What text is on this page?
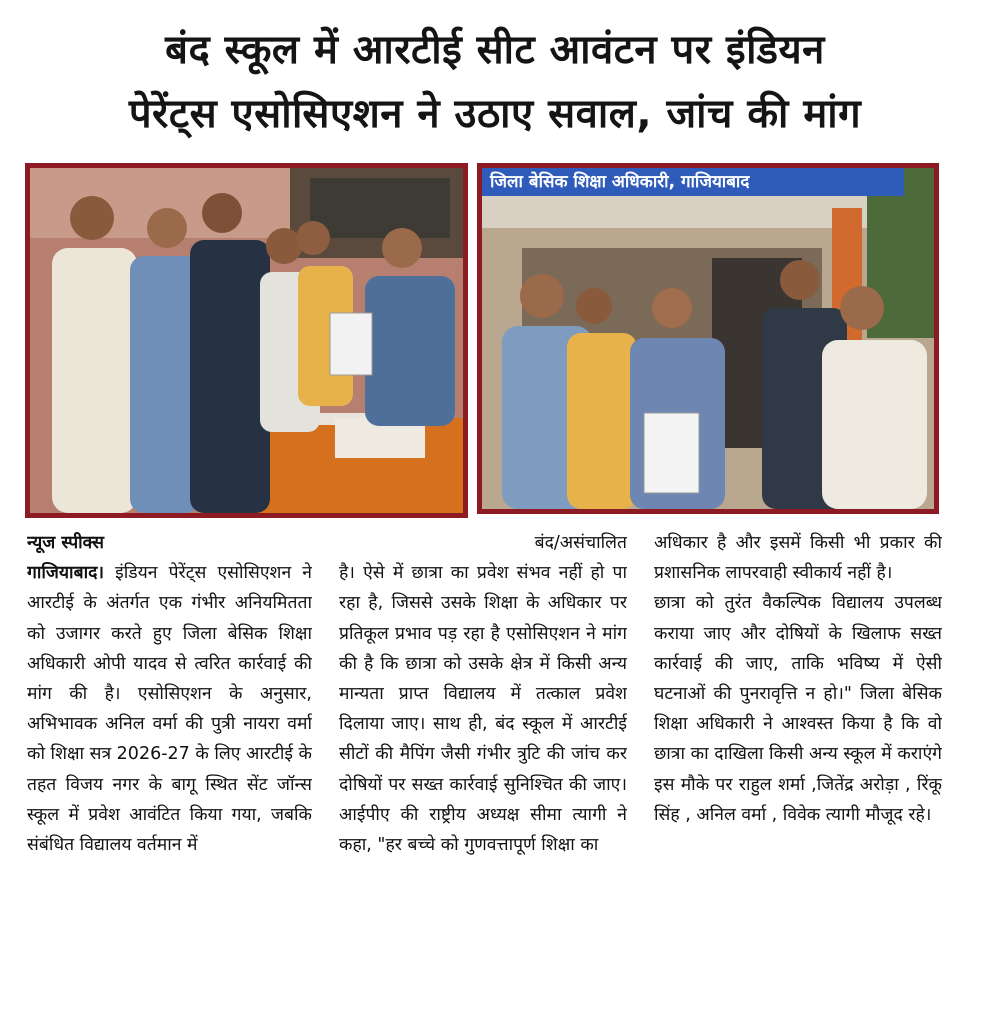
बंद स्कूल में आरटीई सीट आवंटन पर इंडियन
पेरेंट्स एसोसिएशन ने उठाए सवाल, जांच की मांग
जिला बेसिक शिक्षा अधिकारी, गाजियाबाद
न्यूज स्पीक्स

गाजियाबाद। इंडियन पेरेंट्स एसोसिएशन ने आरटीई के अंतर्गत एक गंभीर अनियमितता को उजागर करते हुए जिला बेसिक शिक्षा अधिकारी ओपी यादव से त्वरित कार्रवाई की मांग की है। एसोसिएशन के अनुसार, अभिभावक अनिल वर्मा की पुत्री नायरा वर्मा को शिक्षा सत्र 2026-27 के लिए आरटीई के तहत विजय नगर के बागू स्थित सेंट जॉन्स स्कूल में प्रवेश आवंटित किया गया, जबकि संबंधित विद्यालय वर्तमान में

बंद/असंचालित

है। ऐसे में छात्रा का प्रवेश संभव नहीं हो पा रहा है, जिससे उसके शिक्षा के अधिकार पर प्रतिकूल प्रभाव पड़ रहा है एसोसिएशन ने मांग की है कि छात्रा को उसके क्षेत्र में किसी अन्य मान्यता प्राप्त विद्यालय में तत्काल प्रवेश दिलाया जाए। साथ ही, बंद स्कूल में आरटीई सीटों की मैपिंग जैसी गंभीर त्रुटि की जांच कर दोषियों पर सख्त कार्रवाई सुनिश्चित की जाए। आईपीए की राष्ट्रीय अध्यक्ष सीमा त्यागी ने कहा, "हर बच्चे को गुणवत्तापूर्ण शिक्षा का

अधिकार है और इसमें किसी भी प्रकार की प्रशासनिक लापरवाही स्वीकार्य नहीं है।

छात्रा को तुरंत वैकल्पिक विद्यालय उपलब्ध कराया जाए और दोषियों के खिलाफ सख्त कार्रवाई की जाए, ताकि भविष्य में ऐसी घटनाओं की पुनरावृत्ति न हो।" जिला बेसिक शिक्षा अधिकारी ने आश्वस्त किया है कि वो छात्रा का दाखिला किसी अन्य स्कूल में कराएंगे इस मौके पर राहुल शर्मा ,जितेंद्र अरोड़ा , रिंकू सिंह , अनिल वर्मा , विवेक त्यागी मौजूद रहे।
